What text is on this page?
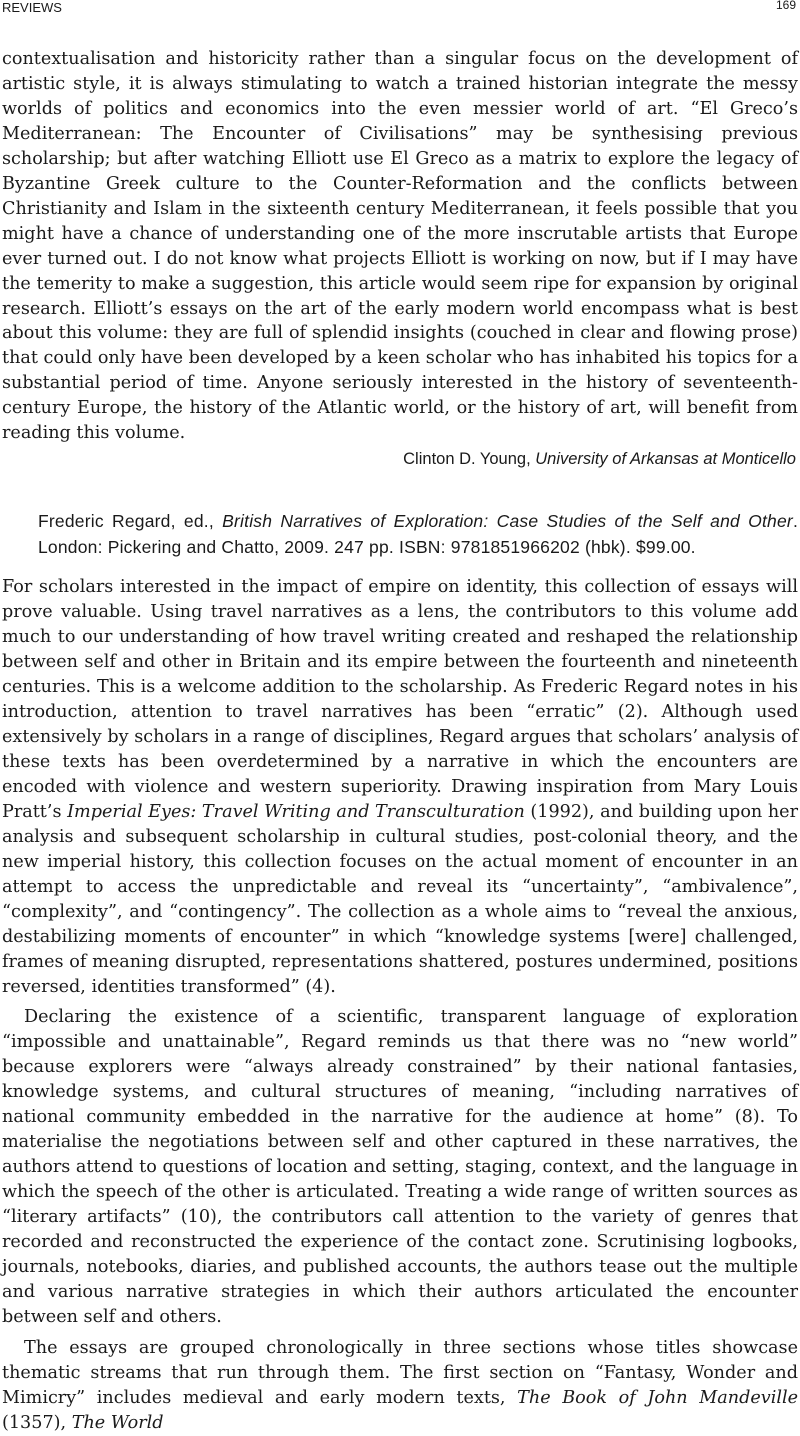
REVIEWS	169

contextualisation and historicity rather than a singular focus on the development of artistic style, it is always stimulating to watch a trained historian integrate the messy worlds of politics and economics into the even messier world of art. “El Greco’s Mediterranean: The Encounter of Civilisations” may be synthesising previous scholarship; but after watching Elliott use El Greco as a matrix to explore the legacy of Byzantine Greek culture to the Counter-Reformation and the conflicts between Christianity and Islam in the sixteenth century Mediterranean, it feels possible that you might have a chance of understanding one of the more inscrutable artists that Europe ever turned out. I do not know what projects Elliott is working on now, but if I may have the temerity to make a suggestion, this article would seem ripe for expansion by original research. Elliott’s essays on the art of the early modern world encompass what is best about this volume: they are full of splendid insights (couched in clear and flowing prose) that could only have been developed by a keen scholar who has inhabited his topics for a substantial period of time. Anyone seriously interested in the history of seventeenth-century Europe, the history of the Atlantic world, or the history of art, will benefit from reading this volume.

Clinton D. Young, University of Arkansas at Monticello
Frederic Regard, ed., British Narratives of Exploration: Case Studies of the Self and Other. London: Pickering and Chatto, 2009. 247 pp. ISBN: 9781851966202 (hbk). $99.00.

For scholars interested in the impact of empire on identity, this collection of essays will prove valuable. Using travel narratives as a lens, the contributors to this volume add much to our understanding of how travel writing created and reshaped the relationship between self and other in Britain and its empire between the fourteenth and nineteenth centuries. This is a welcome addition to the scholarship. As Frederic Regard notes in his introduction, attention to travel narratives has been “erratic” (2). Although used extensively by scholars in a range of disciplines, Regard argues that scholars’ analysis of these texts has been overdetermined by a narrative in which the encounters are encoded with violence and western superiority. Drawing inspiration from Mary Louis Pratt’s Imperial Eyes: Travel Writing and Transculturation (1992), and building upon her analysis and subsequent scholarship in cultural studies, post-colonial theory, and the new imperial history, this collection focuses on the actual moment of encounter in an attempt to access the unpredictable and reveal its “uncertainty”, “ambivalence”, “complexity”, and “contingency”. The collection as a whole aims to “reveal the anxious, destabilizing moments of encounter” in which “knowledge systems [were] challenged, frames of meaning disrupted, representations shattered, postures undermined, positions reversed, identities transformed” (4).

Declaring the existence of a scientific, transparent language of exploration “impossible and unattainable”, Regard reminds us that there was no “new world” because explorers were “always already constrained” by their national fantasies, knowledge systems, and cultural structures of meaning, “including narratives of national community embedded in the narrative for the audience at home” (8). To materialise the negotiations between self and other captured in these narratives, the authors attend to questions of location and setting, staging, context, and the language in which the speech of the other is articulated. Treating a wide range of written sources as “literary artifacts” (10), the contributors call attention to the variety of genres that recorded and reconstructed the experience of the contact zone. Scrutinising logbooks, journals, notebooks, diaries, and published accounts, the authors tease out the multiple and various narrative strategies in which their authors articulated the encounter between self and others.

The essays are grouped chronologically in three sections whose titles showcase thematic streams that run through them. The first section on “Fantasy, Wonder and Mimicry” includes medieval and early modern texts, The Book of John Mandeville (1357), The World
